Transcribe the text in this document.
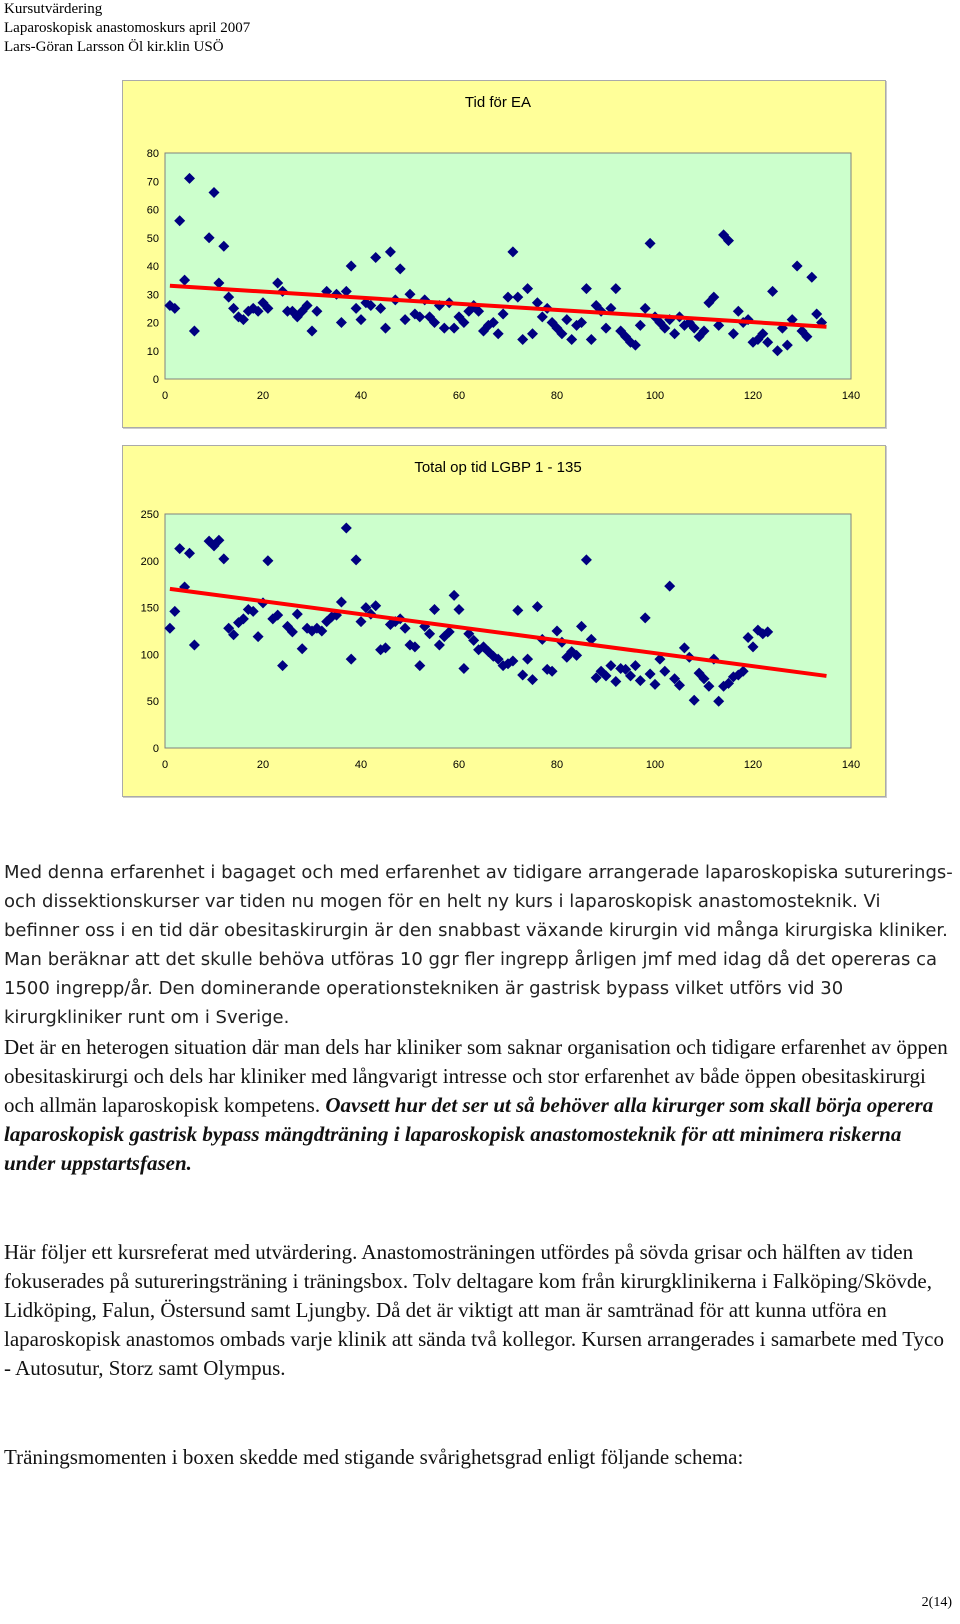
Kursutvärdering
Laparoskopisk anastomoskurs april 2007
Lars-Göran Larsson Öl kir.klin USÖ
Tid för EA
0
10
20
30
40
50
60
70
80
0	20	40	60	80	100	120	140
Total op tid LGBP 1 - 135
0
50
100
150
200
250
0	20	40	60	80	100	120	140

Med denna erfarenhet i bagaget och med erfarenhet av tidigare arrangerade laparoskopiska suturerings- och dissektionskurser var tiden nu mogen för en helt ny kurs i laparoskopisk anastomosteknik. Vi befinner oss i en tid där obesitaskirurgin är den snabbast växande kirurgin vid många kirurgiska kliniker. Man beräknar att det skulle behöva utföras 10 ggr fler ingrepp årligen jmf med idag då det opereras ca 1500 ingrepp/år. Den dominerande operationstekniken är gastrisk bypass vilket utförs vid 30 kirurgkliniker runt om i Sverige.

Det är en heterogen situation där man dels har kliniker som saknar organisation och tidigare erfarenhet av öppen obesitaskirurgi och dels har kliniker med långvarigt intresse och stor erfarenhet av både öppen obesitaskirurgi och allmän laparoskopisk kompetens. Oavsett hur det ser ut så behöver alla kirurger som skall börja operera laparoskopisk gastrisk bypass mängdträning i laparoskopisk anastomosteknik för att minimera riskerna under uppstartsfasen.

Här följer ett kursreferat med utvärdering. Anastomosträningen utfördes på sövda grisar och hälften av tiden fokuserades på sutureringsträning i träningsbox. Tolv deltagare kom från kirurgklinikerna i Falköping/Skövde, Lidköping, Falun, Östersund samt Ljungby. Då det är viktigt att man är samtränad för att kunna utföra en laparoskopisk anastomos ombads varje klinik att sända två kollegor. Kursen arrangerades i samarbete med Tyco - Autosutur, Storz samt Olympus.

Träningsmomenten i boxen skedde med stigande svårighetsgrad enligt följande schema:

2(14)
